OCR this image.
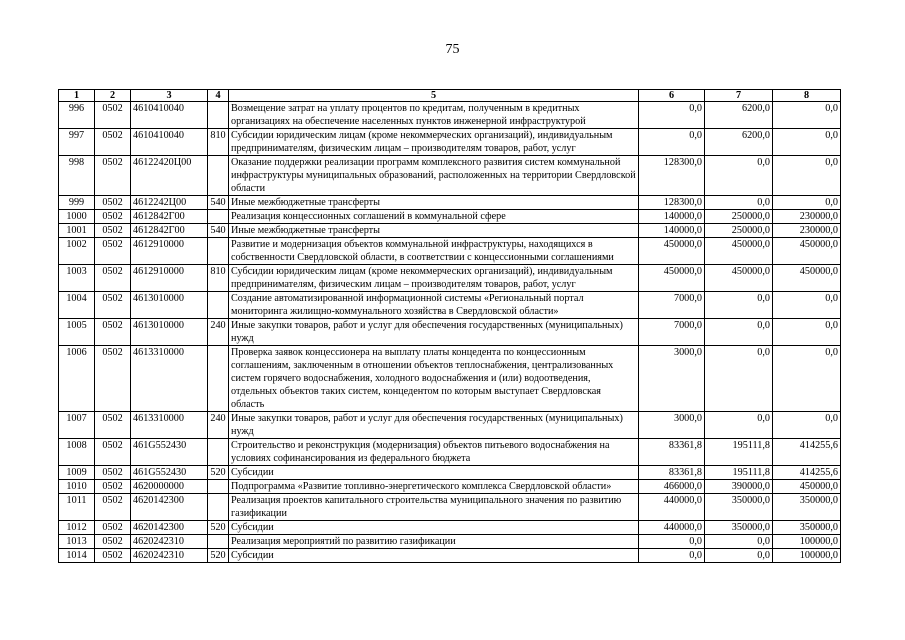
75
1	2	3	4	5	6	7	8
996	0502	4610410040		Возмещение затрат на уплату процентов по кредитам, полученным в кредитных организациях на обеспечение населенных пунктов инженерной инфраструктурой	0,0	6200,0	0,0
997	0502	4610410040	810	Субсидии юридическим лицам (кроме некоммерческих организаций), индивидуальным предпринимателям, физическим лицам – производителям товаров, работ, услуг	0,0	6200,0	0,0
998	0502	46122420Ц00		Оказание поддержки реализации программ комплексного развития систем коммунальной инфраструктуры муниципальных образований, расположенных на территории Свердловской области	128300,0	0,0	0,0
999	0502	4612242Ц00	540	Иные межбюджетные трансферты	128300,0	0,0	0,0
1000	0502	4612842Г00		Реализация концессионных соглашений в коммунальной сфере	140000,0	250000,0	230000,0
1001	0502	4612842Г00	540	Иные межбюджетные трансферты	140000,0	250000,0	230000,0
1002	0502	4612910000		Развитие и модернизация объектов коммунальной инфраструктуры, находящихся в собственности Свердловской области, в соответствии с концессионными соглашениями	450000,0	450000,0	450000,0
1003	0502	4612910000	810	Субсидии юридическим лицам (кроме некоммерческих организаций), индивидуальным предпринимателям, физическим лицам – производителям товаров, работ, услуг	450000,0	450000,0	450000,0
1004	0502	4613010000		Создание автоматизированной информационной системы «Региональный портал мониторинга жилищно-коммунального хозяйства в Свердловской области»	7000,0	0,0	0,0
1005	0502	4613010000	240	Иные закупки товаров, работ и услуг для обеспечения государственных (муниципальных) нужд	7000,0	0,0	0,0
1006	0502	4613310000		Проверка заявок концессионера на выплату платы концедента по концессионным соглашениям, заключенным в отношении объектов теплоснабжения, централизованных систем горячего водоснабжения, холодного водоснабжения и (или) водоотведения, отдельных объектов таких систем, концедентом по которым выступает Свердловская область	3000,0	0,0	0,0
1007	0502	4613310000	240	Иные закупки товаров, работ и услуг для обеспечения государственных (муниципальных) нужд	3000,0	0,0	0,0
1008	0502	461G552430		Строительство и реконструкция (модернизация) объектов питьевого водоснабжения на условиях софинансирования из федерального бюджета	83361,8	195111,8	414255,6
1009	0502	461G552430	520	Субсидии	83361,8	195111,8	414255,6
1010	0502	4620000000		Подпрограмма «Развитие топливно-энергетического комплекса Свердловской области»	466000,0	390000,0	450000,0
1011	0502	4620142300		Реализация проектов капитального строительства муниципального значения по развитию газификации	440000,0	350000,0	350000,0
1012	0502	4620142300	520	Субсидии	440000,0	350000,0	350000,0
1013	0502	4620242310		Реализация мероприятий по развитию газификации	0,0	0,0	100000,0
1014	0502	4620242310	520	Субсидии	0,0	0,0	100000,0
